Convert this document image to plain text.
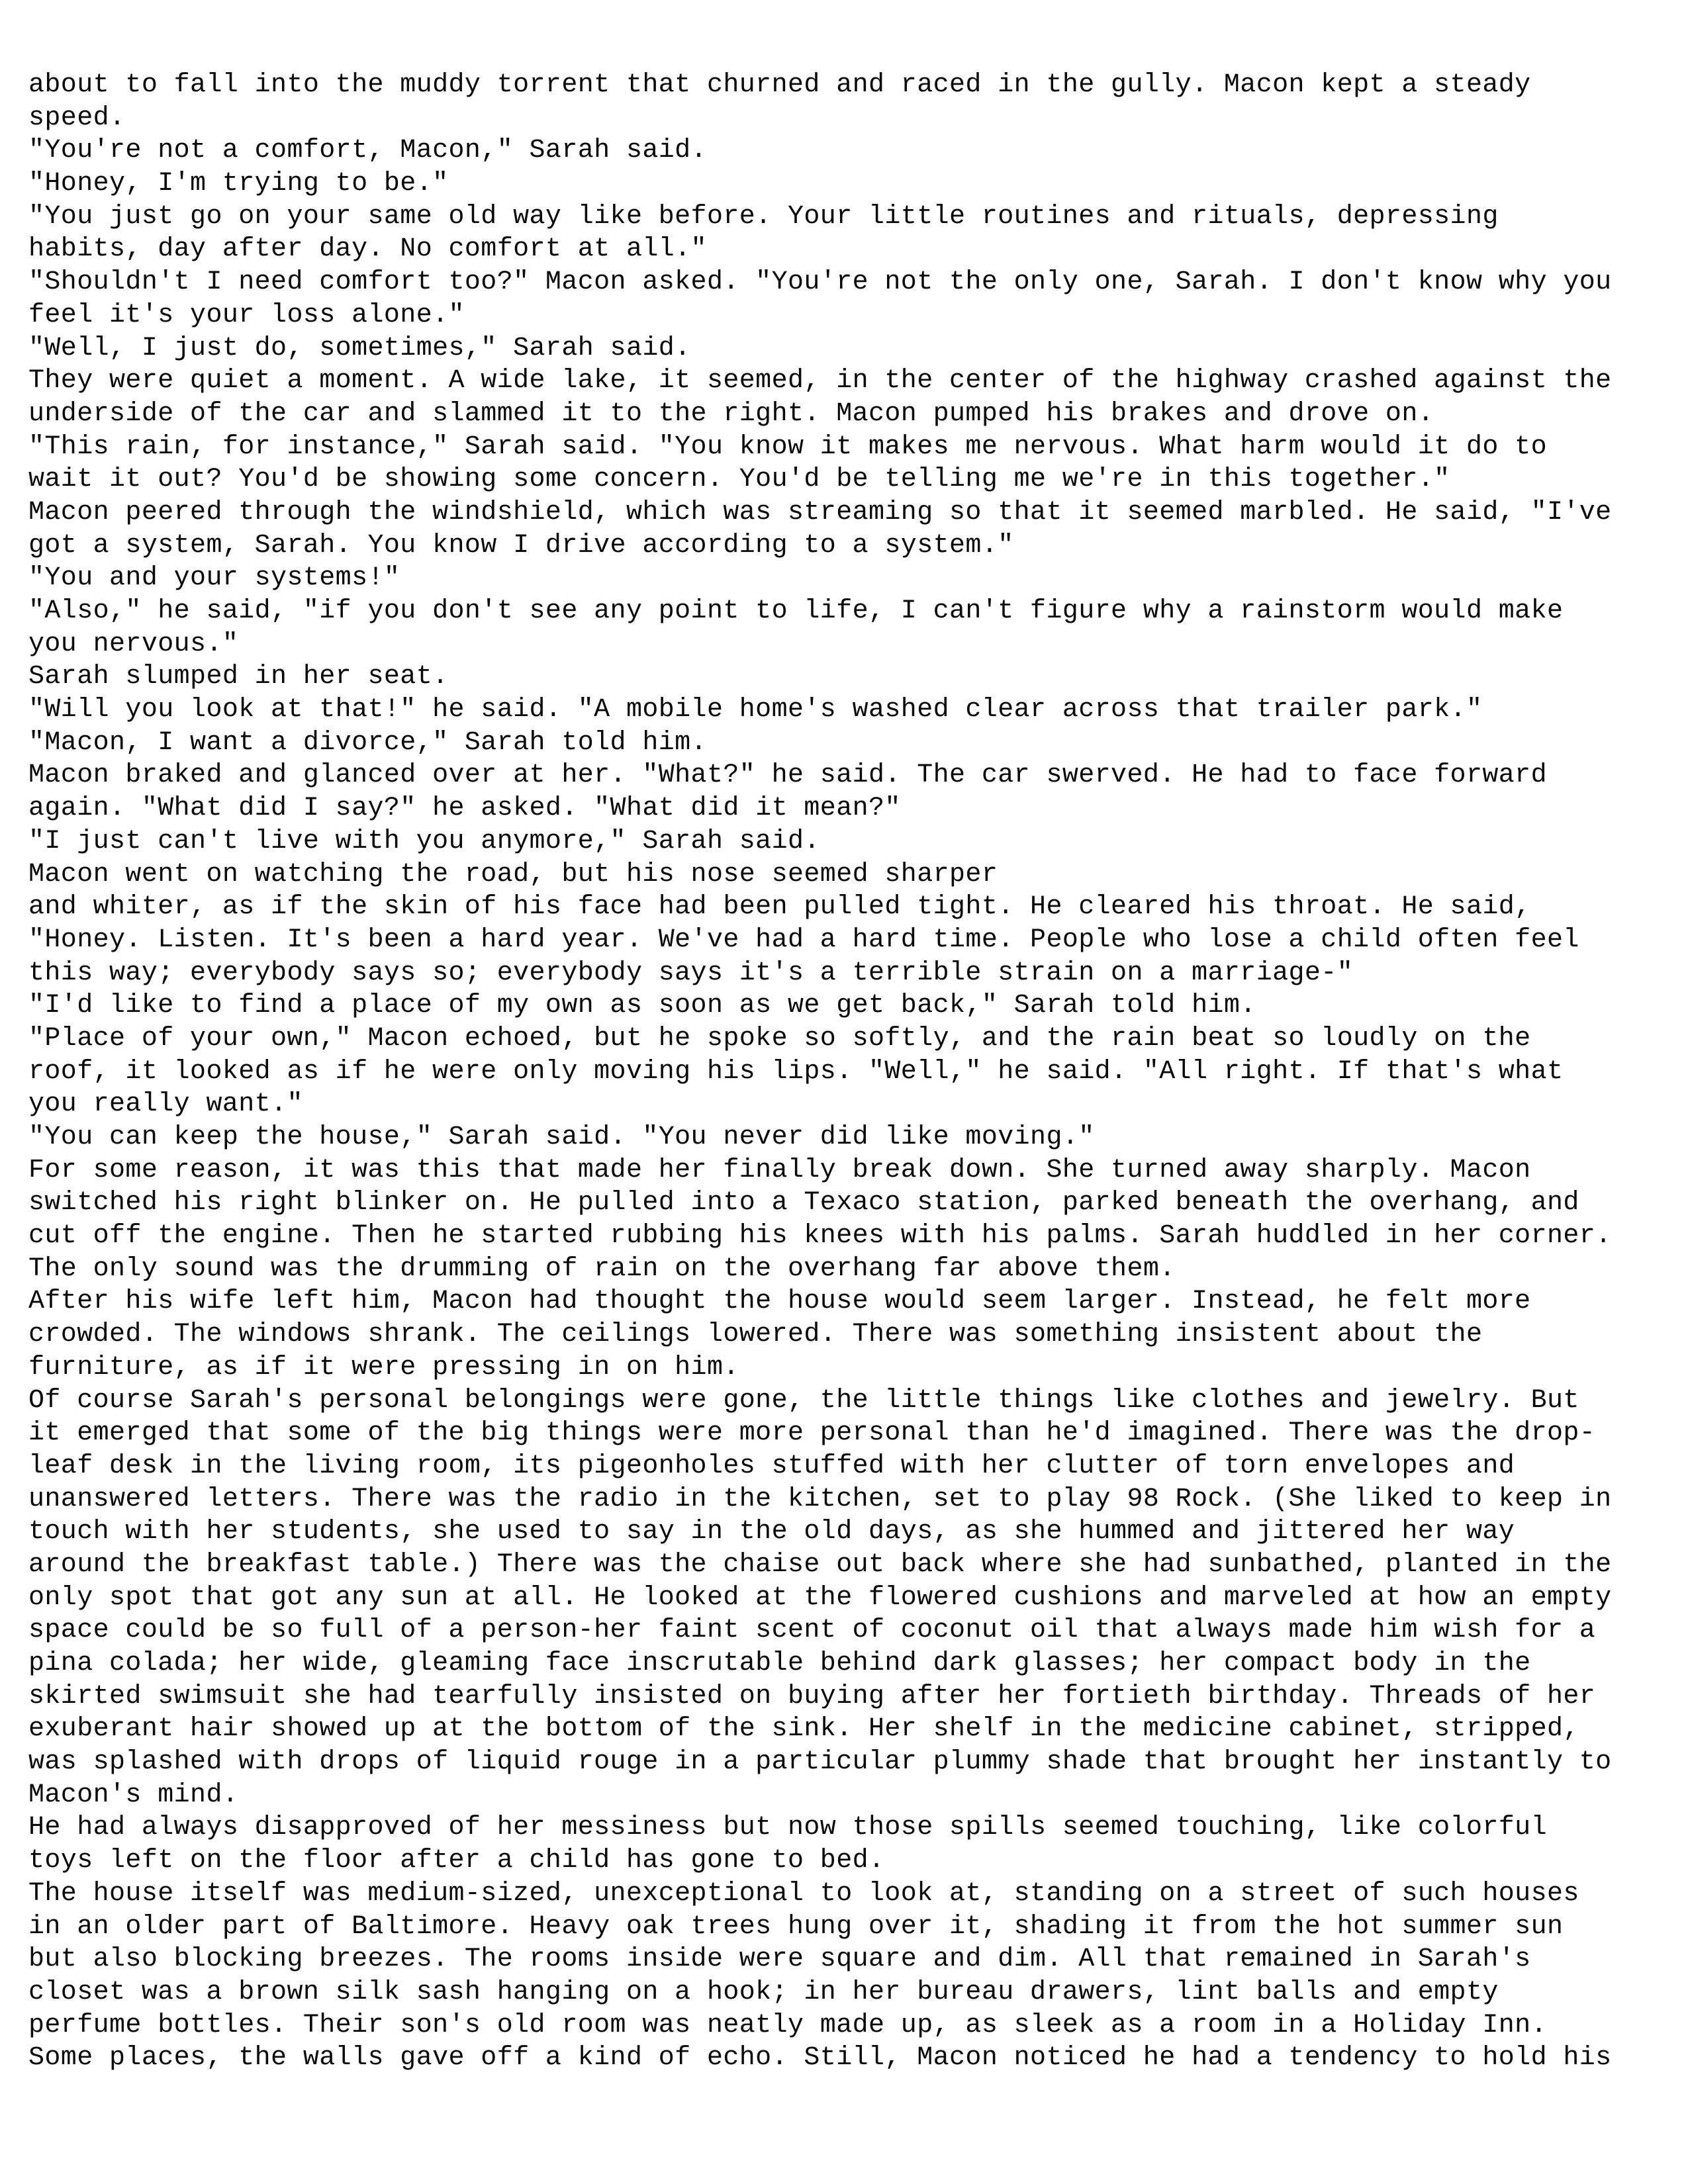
about to fall into the muddy torrent that churned and raced in the gully. Macon kept a steady
speed.
"You're not a comfort, Macon," Sarah said.
"Honey, I'm trying to be."
"You just go on your same old way like before. Your little routines and rituals, depressing
habits, day after day. No comfort at all."
"Shouldn't I need comfort too?" Macon asked. "You're not the only one, Sarah. I don't know why you
feel it's your loss alone."
"Well, I just do, sometimes," Sarah said.
They were quiet a moment. A wide lake, it seemed, in the center of the highway crashed against the
underside of the car and slammed it to the right. Macon pumped his brakes and drove on.
"This rain, for instance," Sarah said. "You know it makes me nervous. What harm would it do to
wait it out? You'd be showing some concern. You'd be telling me we're in this together."
Macon peered through the windshield, which was streaming so that it seemed marbled. He said, "I've
got a system, Sarah. You know I drive according to a system."
"You and your systems!"
"Also," he said, "if you don't see any point to life, I can't figure why a rainstorm would make
you nervous."
Sarah slumped in her seat.
"Will you look at that!" he said. "A mobile home's washed clear across that trailer park."
"Macon, I want a divorce," Sarah told him.
Macon braked and glanced over at her. "What?" he said. The car swerved. He had to face forward
again. "What did I say?" he asked. "What did it mean?"
"I just can't live with you anymore," Sarah said.
Macon went on watching the road, but his nose seemed sharper
and whiter, as if the skin of his face had been pulled tight. He cleared his throat. He said,
"Honey. Listen. It's been a hard year. We've had a hard time. People who lose a child often feel
this way; everybody says so; everybody says it's a terrible strain on a marriage-"
"I'd like to find a place of my own as soon as we get back," Sarah told him.
"Place of your own," Macon echoed, but he spoke so softly, and the rain beat so loudly on the
roof, it looked as if he were only moving his lips. "Well," he said. "All right. If that's what
you really want."
"You can keep the house," Sarah said. "You never did like moving."
For some reason, it was this that made her finally break down. She turned away sharply. Macon
switched his right blinker on. He pulled into a Texaco station, parked beneath the overhang, and
cut off the engine. Then he started rubbing his knees with his palms. Sarah huddled in her corner.
The only sound was the drumming of rain on the overhang far above them.
After his wife left him, Macon had thought the house would seem larger. Instead, he felt more
crowded. The windows shrank. The ceilings lowered. There was something insistent about the
furniture, as if it were pressing in on him.
Of course Sarah's personal belongings were gone, the little things like clothes and jewelry. But
it emerged that some of the big things were more personal than he'd imagined. There was the drop-
leaf desk in the living room, its pigeonholes stuffed with her clutter of torn envelopes and
unanswered letters. There was the radio in the kitchen, set to play 98 Rock. (She liked to keep in
touch with her students, she used to say in the old days, as she hummed and jittered her way
around the breakfast table.) There was the chaise out back where she had sunbathed, planted in the
only spot that got any sun at all. He looked at the flowered cushions and marveled at how an empty
space could be so full of a person-her faint scent of coconut oil that always made him wish for a
pina colada; her wide, gleaming face inscrutable behind dark glasses; her compact body in the
skirted swimsuit she had tearfully insisted on buying after her fortieth birthday. Threads of her
exuberant hair showed up at the bottom of the sink. Her shelf in the medicine cabinet, stripped,
was splashed with drops of liquid rouge in a particular plummy shade that brought her instantly to
Macon's mind.
He had always disapproved of her messiness but now those spills seemed touching, like colorful
toys left on the floor after a child has gone to bed.
The house itself was medium-sized, unexceptional to look at, standing on a street of such houses
in an older part of Baltimore. Heavy oak trees hung over it, shading it from the hot summer sun
but also blocking breezes. The rooms inside were square and dim. All that remained in Sarah's
closet was a brown silk sash hanging on a hook; in her bureau drawers, lint balls and empty
perfume bottles. Their son's old room was neatly made up, as sleek as a room in a Holiday Inn.
Some places, the walls gave off a kind of echo. Still, Macon noticed he had a tendency to hold his
